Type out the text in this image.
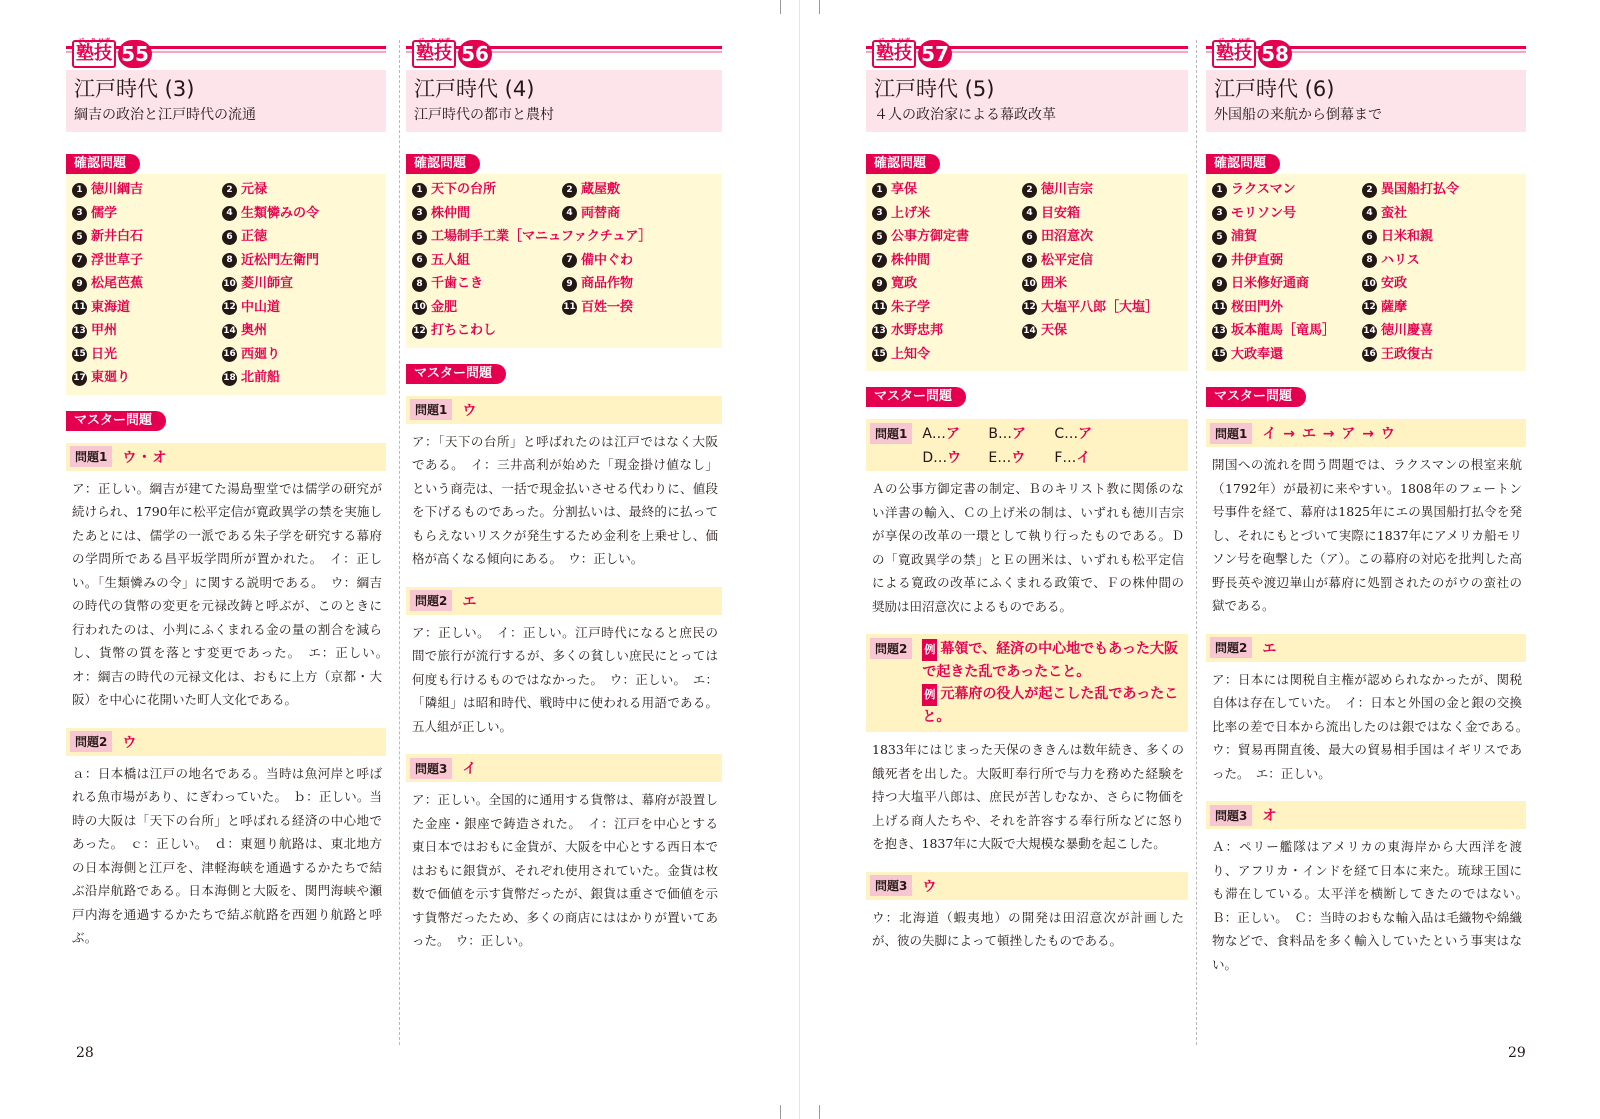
ジュク ワザ
塾技 55
江戸時代 (3)
綱吉の政治と江戸時代の流通
確認問題
1 徳川綱吉	2 元禄
3 儒学	4 生類憐みの令
5 新井白石	6 正徳
7 浮世草子	8 近松門左衛門
9 松尾芭蕉	10 菱川師宣
11 東海道	12 中山道
13 甲州	14 奥州
15 日光	16 西廻り
17 東廻り	18 北前船
マスター問題
問題1	ウ・オ
ア：正しい。綱吉が建てた湯島聖堂では儒学の研究が続けられ、1790年に松平定信が寛政異学の禁を実施したあとには、儒学の一派である朱子学を研究する幕府の学問所である昌平坂学問所が置かれた。　イ：正しい。「生類憐みの令」に関する説明である。　ウ：綱吉の時代の貨幣の変更を元禄改鋳と呼ぶが、このときに行われたのは、小判にふくまれる金の量の割合を減らし、貨幣の質を落とす変更であった。　エ：正しい。　オ：綱吉の時代の元禄文化は、おもに上方（京都・大阪）を中心に花開いた町人文化である。
問題2	ウ
ａ：日本橋は江戸の地名である。当時は魚河岸と呼ばれる魚市場があり、にぎわっていた。　ｂ：正しい。当時の大阪は「天下の台所」と呼ばれる経済の中心地であった。　ｃ：正しい。　ｄ：東廻り航路は、東北地方の日本海側と江戸を、津軽海峡を通過するかたちで結ぶ沿岸航路である。日本海側と大阪を、関門海峡や瀬戸内海を通過するかたちで結ぶ航路を西廻り航路と呼ぶ。
ジュク ワザ
塾技 56
江戸時代 (4)
江戸時代の都市と農村
確認問題
1 天下の台所	2 蔵屋敷
3 株仲間	4 両替商
5 工場制手工業［マニュファクチュア］
6 五人組	7 備中ぐわ
8 千歯こき	9 商品作物
10 金肥	11 百姓一揆
12 打ちこわし
マスター問題
問題1	ウ
ア：「天下の台所」と呼ばれたのは江戸ではなく大阪である。　イ：三井高利が始めた「現金掛け値なし」という商売は、一括で現金払いさせる代わりに、値段を下げるものであった。分割払いは、最終的に払ってもらえないリスクが発生するため金利を上乗せし、価格が高くなる傾向にある。　ウ：正しい。
問題2	エ
ア：正しい。　イ：正しい。江戸時代になると庶民の間で旅行が流行するが、多くの貧しい庶民にとっては何度も行けるものではなかった。　ウ：正しい。　エ：「隣組」は昭和時代、戦時中に使われる用語である。五人組が正しい。
問題3	イ
ア：正しい。全国的に通用する貨幣は、幕府が設置した金座・銀座で鋳造された。　イ：江戸を中心とする東日本ではおもに金貨が、大阪を中心とする西日本ではおもに銀貨が、それぞれ使用されていた。金貨は枚数で価値を示す貨幣だったが、銀貨は重さで価値を示す貨幣だったため、多くの商店にははかりが置いてあった。　ウ：正しい。
ジュク ワザ
塾技 57
江戸時代 (5)
４人の政治家による幕政改革
確認問題
1 享保	2 徳川吉宗
3 上げ米	4 目安箱
5 公事方御定書	6 田沼意次
7 株仲間	8 松平定信
9 寛政	10 囲米
11 朱子学	12 大塩平八郎［大塩］
13 水野忠邦	14 天保
15 上知令
マスター問題
問題1	A…ア	B…ア	C…ア
D…ウ	E…ウ	F…イ
Ａの公事方御定書の制定、Ｂのキリスト教に関係のない洋書の輸入、Ｃの上げ米の制は、いずれも徳川吉宗が享保の改革の一環として執り行ったものである。Ｄの「寛政異学の禁」とＥの囲米は、いずれも松平定信による寛政の改革にふくまれる政策で、Ｆの株仲間の奨励は田沼意次によるものである。
問題2	例 幕領で、経済の中心地でもあった大阪で起きた乱であったこと。
例 元幕府の役人が起こした乱であったこと。
1833年にはじまった天保のききんは数年続き、多くの餓死者を出した。大阪町奉行所で与力を務めた経験を持つ大塩平八郎は、庶民が苦しむなか、さらに物価を上げる商人たちや、それを許容する奉行所などに怒りを抱き、1837年に大阪で大規模な暴動を起こした。
問題3	ウ
ウ：北海道（蝦夷地）の開発は田沼意次が計画したが、彼の失脚によって頓挫したものである。
ジュク ワザ
塾技 58
江戸時代 (6)
外国船の来航から倒幕まで
確認問題
1 ラクスマン	2 異国船打払令
3 モリソン号	4 蛮社
5 浦賀	6 日米和親
7 井伊直弼	8 ハリス
9 日米修好通商	10 安政
11 桜田門外	12 薩摩
13 坂本龍馬［竜馬］	14 徳川慶喜
15 大政奉還	16 王政復古
マスター問題
問題1	イ → エ → ア → ウ
開国への流れを問う問題では、ラクスマンの根室来航（1792年）が最初に来やすい。1808年のフェートン号事件を経て、幕府は1825年にエの異国船打払令を発し、それにもとづいて実際に1837年にアメリカ船モリソン号を砲撃した（ア）。この幕府の対応を批判した高野長英や渡辺崋山が幕府に処罰されたのがウの蛮社の獄である。
問題2	エ
ア：日本には関税自主権が認められなかったが、関税自体は存在していた。　イ：日本と外国の金と銀の交換比率の差で日本から流出したのは銀ではなく金である。　ウ：貿易再開直後、最大の貿易相手国はイギリスであった。　エ：正しい。
問題3	オ
Ａ：ペリー艦隊はアメリカの東海岸から大西洋を渡り、アフリカ・インドを経て日本に来た。琉球王国にも滞在している。太平洋を横断してきたのではない。　Ｂ：正しい。　Ｃ：当時のおもな輸入品は毛織物や綿織物などで、食料品を多く輸入していたという事実はない。
28	29
